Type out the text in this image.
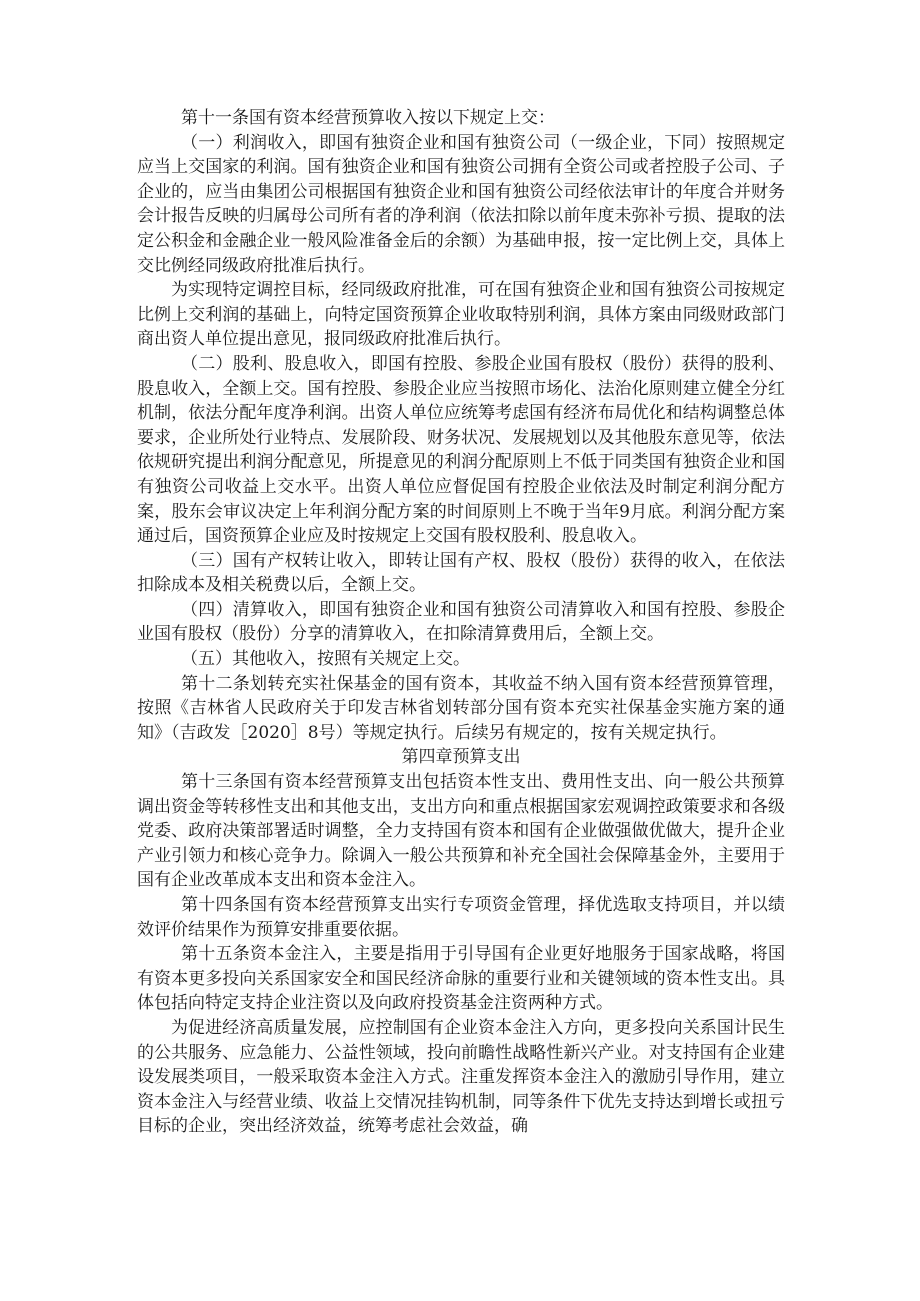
第十一条国有资本经营预算收入按以下规定上交：

（一）利润收入，即国有独资企业和国有独资公司（一级企业，下同）按照规定应当上交国家的利润。国有独资企业和国有独资公司拥有全资公司或者控股子公司、子企业的，应当由集团公司根据国有独资企业和国有独资公司经依法审计的年度合并财务会计报告反映的归属母公司所有者的净利润（依法扣除以前年度未弥补亏损、提取的法定公积金和金融企业一般风险准备金后的余额）为基础申报，按一定比例上交，具体上交比例经同级政府批准后执行。

为实现特定调控目标，经同级政府批准，可在国有独资企业和国有独资公司按规定比例上交利润的基础上，向特定国资预算企业收取特别利润，具体方案由同级财政部门商出资人单位提出意见，报同级政府批准后执行。

（二）股利、股息收入，即国有控股、参股企业国有股权（股份）获得的股利、股息收入，全额上交。国有控股、参股企业应当按照市场化、法治化原则建立健全分红机制，依法分配年度净利润。出资人单位应统筹考虑国有经济布局优化和结构调整总体要求，企业所处行业特点、发展阶段、财务状况、发展规划以及其他股东意见等，依法依规研究提出利润分配意见，所提意见的利润分配原则上不低于同类国有独资企业和国有独资公司收益上交水平。出资人单位应督促国有控股企业依法及时制定利润分配方案，股东会审议决定上年利润分配方案的时间原则上不晚于当年9月底。利润分配方案通过后，国资预算企业应及时按规定上交国有股权股利、股息收入。

（三）国有产权转让收入，即转让国有产权、股权（股份）获得的收入，在依法扣除成本及相关税费以后，全额上交。

（四）清算收入，即国有独资企业和国有独资公司清算收入和国有控股、参股企业国有股权（股份）分享的清算收入，在扣除清算费用后，全额上交。

（五）其他收入，按照有关规定上交。

第十二条划转充实社保基金的国有资本，其收益不纳入国有资本经营预算管理，按照《吉林省人民政府关于印发吉林省划转部分国有资本充实社保基金实施方案的通知》（吉政发［2020］8号）等规定执行。后续另有规定的，按有关规定执行。

第四章预算支出

第十三条国有资本经营预算支出包括资本性支出、费用性支出、向一般公共预算调出资金等转移性支出和其他支出，支出方向和重点根据国家宏观调控政策要求和各级党委、政府决策部署适时调整，全力支持国有资本和国有企业做强做优做大，提升企业产业引领力和核心竞争力。除调入一般公共预算和补充全国社会保障基金外，主要用于国有企业改革成本支出和资本金注入。

第十四条国有资本经营预算支出实行专项资金管理，择优选取支持项目，并以绩效评价结果作为预算安排重要依据。

第十五条资本金注入，主要是指用于引导国有企业更好地服务于国家战略，将国有资本更多投向关系国家安全和国民经济命脉的重要行业和关键领域的资本性支出。具体包括向特定支持企业注资以及向政府投资基金注资两种方式。

为促进经济高质量发展，应控制国有企业资本金注入方向，更多投向关系国计民生的公共服务、应急能力、公益性领域，投向前瞻性战略性新兴产业。对支持国有企业建设发展类项目，一般采取资本金注入方式。注重发挥资本金注入的激励引导作用，建立资本金注入与经营业绩、收益上交情况挂钩机制，同等条件下优先支持达到增长或扭亏目标的企业，突出经济效益，统筹考虑社会效益，确
